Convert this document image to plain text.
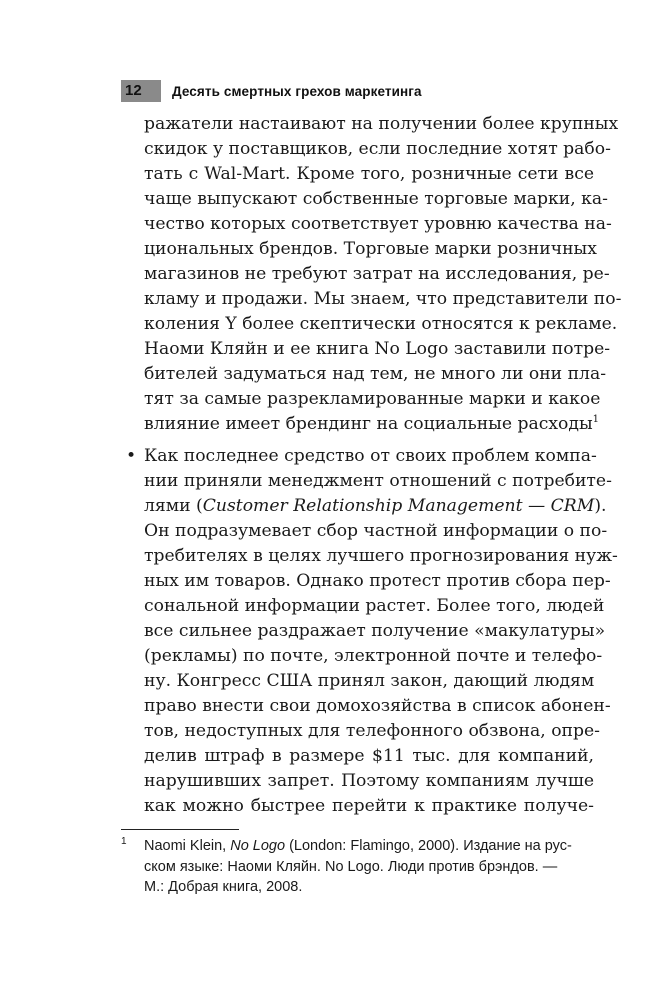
12	Десять смертных грехов маркетинга
ражатели настаивают на получении более крупных
скидок у поставщиков, если последние хотят рабо-
тать с Wal-Mart. Кроме того, розничные сети все
чаще выпускают собственные торговые марки, ка-
чество которых соответствует уровню качества на-
циональных брендов. Торговые марки розничных
магазинов не требуют затрат на исследования, ре-
кламу и продажи. Мы знаем, что представители по-
коления Y более скептически относятся к рекламе.
Наоми Кляйн и ее книга No Logo заставили потре-
бителей задуматься над тем, не много ли они пла-
тят за самые разрекламированные марки и какое
влияние имеет брендинг на социальные расходы$^1$
• Как последнее средство от своих проблем компа-
нии приняли менеджмент отношений с потребите-
лями (Customer Relationship Management — CRM).
Он подразумевает сбор частной информации о по-
требителях в целях лучшего прогнозирования нуж-
ных им товаров. Однако протест против сбора пер-
сональной информации растет. Более того, людей
все сильнее раздражает получение «макулатуры»
(рекламы) по почте, электронной почте и телефо-
ну. Конгресс США принял закон, дающий людям
право внести свои домохозяйства в список абонен-
тов, недоступных для телефонного обзвона, опре-
делив штраф в размере $11 тыс. для компаний,
нарушивших запрет. Поэтому компаниям лучше
как можно быстрее перейти к практике получе-
1 Naomi Klein, No Logo (London: Flamingo, 2000). Издание на рус-
ском языке: Наоми Кляйн. No Logo. Люди против брэндов. —
М.: Добрая книга, 2008.
